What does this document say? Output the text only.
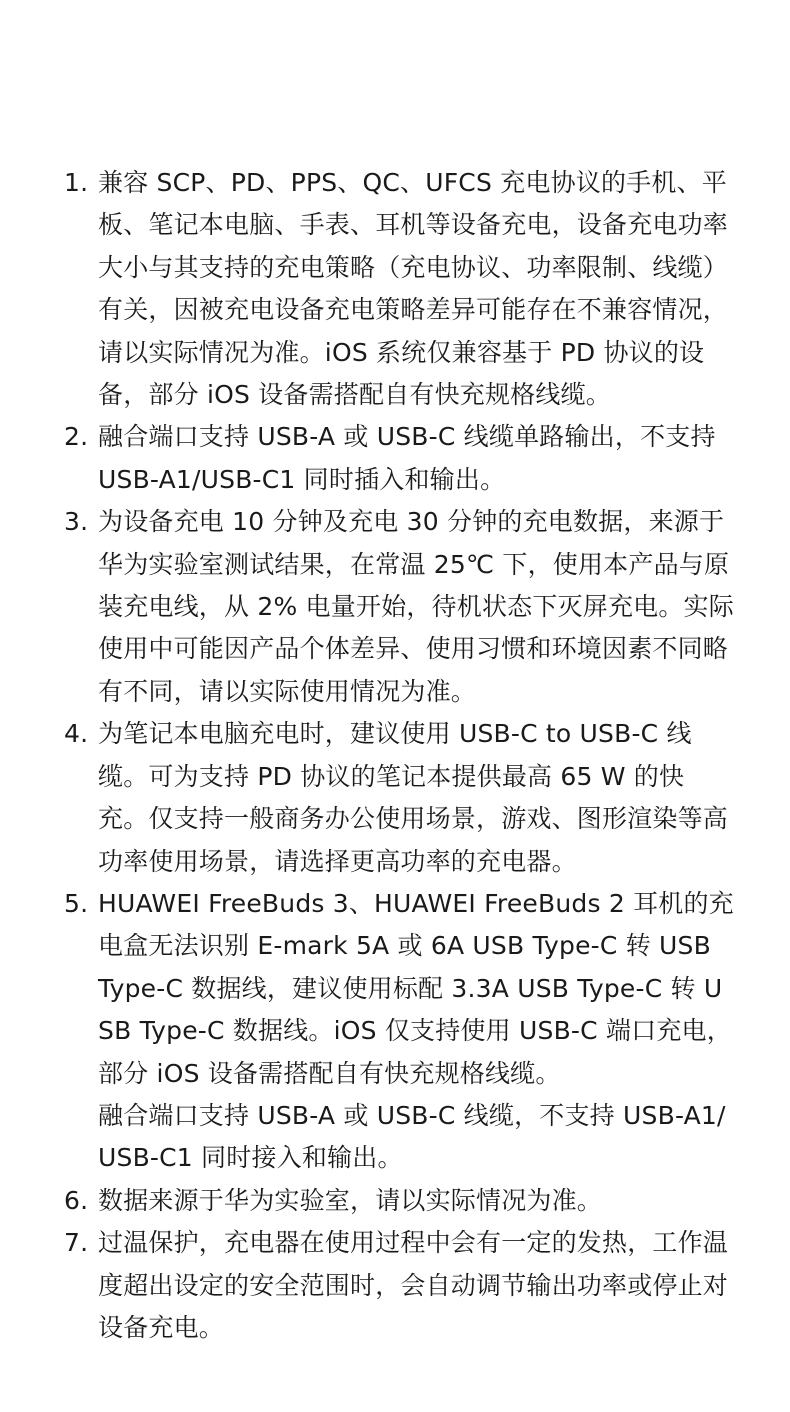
1. 兼容 SCP、PD、PPS、QC、UFCS 充电协议的手机、平板、笔记本电脑、手表、耳机等设备充电，设备充电功率大小与其支持的充电策略（充电协议、功率限制、线缆）有关，因被充电设备充电策略差异可能存在不兼容情况，请以实际情况为准。iOS 系统仅兼容基于 PD 协议的设备，部分 iOS 设备需搭配自有快充规格线缆。
2. 融合端口支持 USB-A 或 USB-C 线缆单路输出，不支持 USB-A1/USB-C1 同时插入和输出。
3. 为设备充电 10 分钟及充电 30 分钟的充电数据，来源于华为实验室测试结果，在常温 25℃ 下，使用本产品与原装充电线，从 2% 电量开始，待机状态下灭屏充电。实际使用中可能因产品个体差异、使用习惯和环境因素不同略有不同，请以实际使用情况为准。
4. 为笔记本电脑充电时，建议使用 USB-C to USB-C 线缆。可为支持 PD 协议的笔记本提供最高 65 W 的快充。仅支持一般商务办公使用场景，游戏、图形渲染等高功率使用场景，请选择更高功率的充电器。
5. HUAWEI FreeBuds 3、HUAWEI FreeBuds 2 耳机的充电盒无法识别 E-mark 5A 或 6A USB Type-C 转 USB Type-C 数据线，建议使用标配 3.3A USB Type-C 转 USB Type-C 数据线。iOS 仅支持使用 USB-C 端口充电，部分 iOS 设备需搭配自有快充规格线缆。
融合端口支持 USB-A 或 USB-C 线缆，不支持 USB-A1/USB-C1 同时接入和输出。
6. 数据来源于华为实验室，请以实际情况为准。
7. 过温保护，充电器在使用过程中会有一定的发热，工作温度超出设定的安全范围时，会自动调节输出功率或停止对设备充电。
